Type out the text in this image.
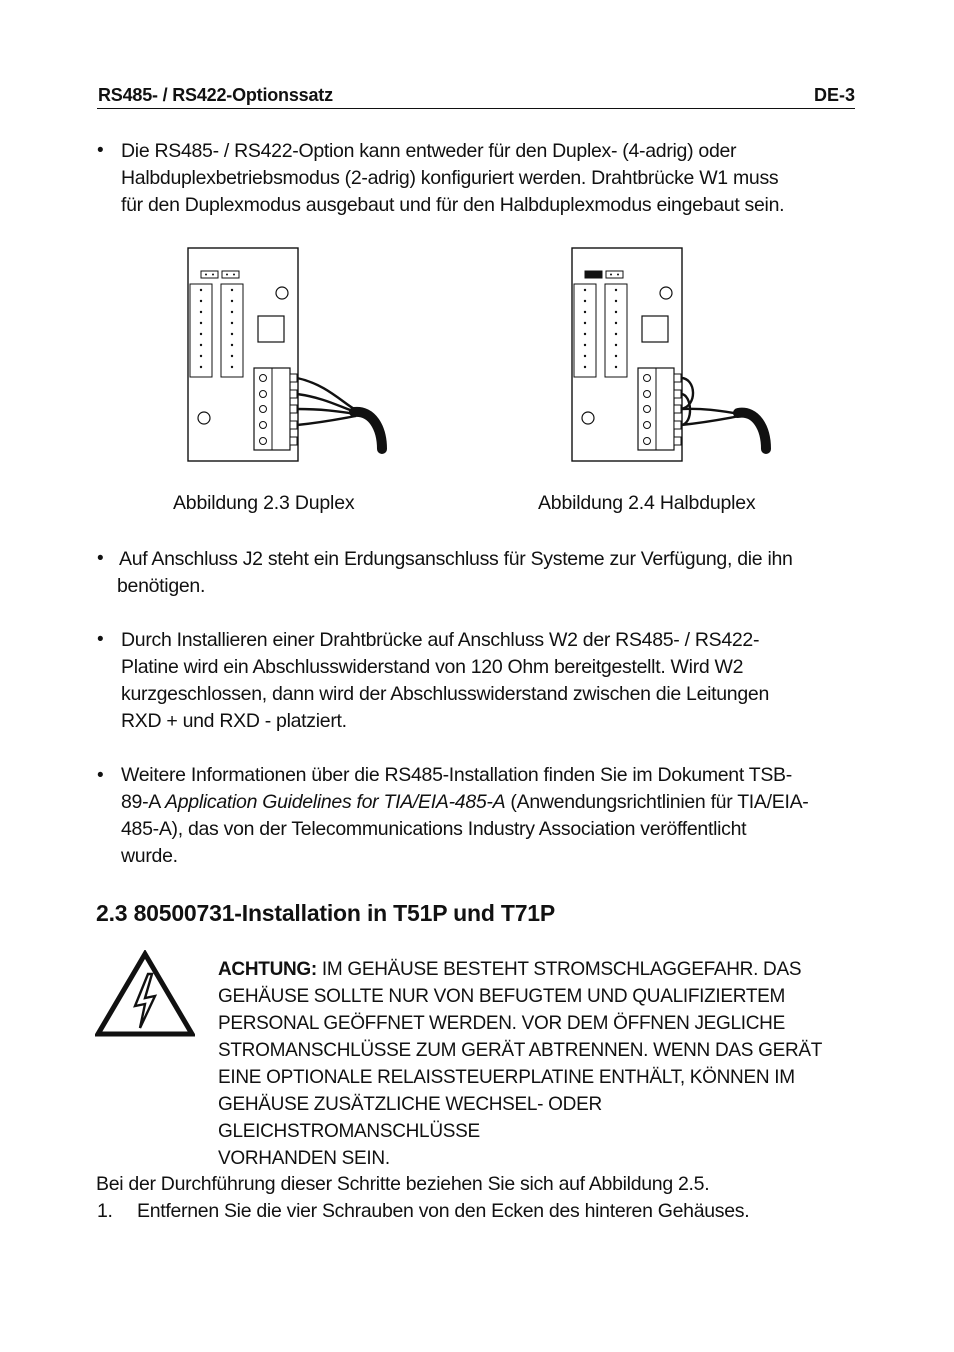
RS485- / RS422-Optionssatz	DE-3
• Die RS485- / RS422-Option kann entweder für den Duplex- (4-adrig) oder
Halbduplexbetriebsmodus (2-adrig) konfiguriert werden. Drahtbrücke W1 muss
für den Duplexmodus ausgebaut und für den Halbduplexmodus eingebaut sein.
Abbildung 2.3 Duplex	Abbildung 2.4 Halbduplex
• Auf Anschluss J2 steht ein Erdungsanschluss für Systeme zur Verfügung, die ihn
benötigen.
• Durch Installieren einer Drahtbrücke auf Anschluss W2 der RS485- / RS422-
Platine wird ein Abschlusswiderstand von 120 Ohm bereitgestellt. Wird W2
kurzgeschlossen, dann wird der Abschlusswiderstand zwischen die Leitungen
RXD + und RXD - platziert.
• Weitere Informationen über die RS485-Installation finden Sie im Dokument TSB-
89-A Application Guidelines for TIA/EIA-485-A (Anwendungsrichtlinien für TIA/EIA-
485-A), das von der Telecommunications Industry Association veröffentlicht
wurde.
2.3 80500731-Installation in T51P und T71P
ACHTUNG: IM GEHÄUSE BESTEHT STROMSCHLAGGEFAHR. DAS
GEHÄUSE SOLLTE NUR VON BEFUGTEM UND QUALIFIZIERTEM
PERSONAL GEÖFFNET WERDEN. VOR DEM ÖFFNEN JEGLICHE
STROMANSCHLÜSSE ZUM GERÄT ABTRENNEN. WENN DAS GERÄT
EINE OPTIONALE RELAISSTEUERPLATINE ENTHÄLT, KÖNNEN IM
GEHÄUSE ZUSÄTZLICHE WECHSEL- ODER GLEICHSTROMANSCHLÜSSE
VORHANDEN SEIN.
Bei der Durchführung dieser Schritte beziehen Sie sich auf Abbildung 2.5.
1. Entfernen Sie die vier Schrauben von den Ecken des hinteren Gehäuses.
